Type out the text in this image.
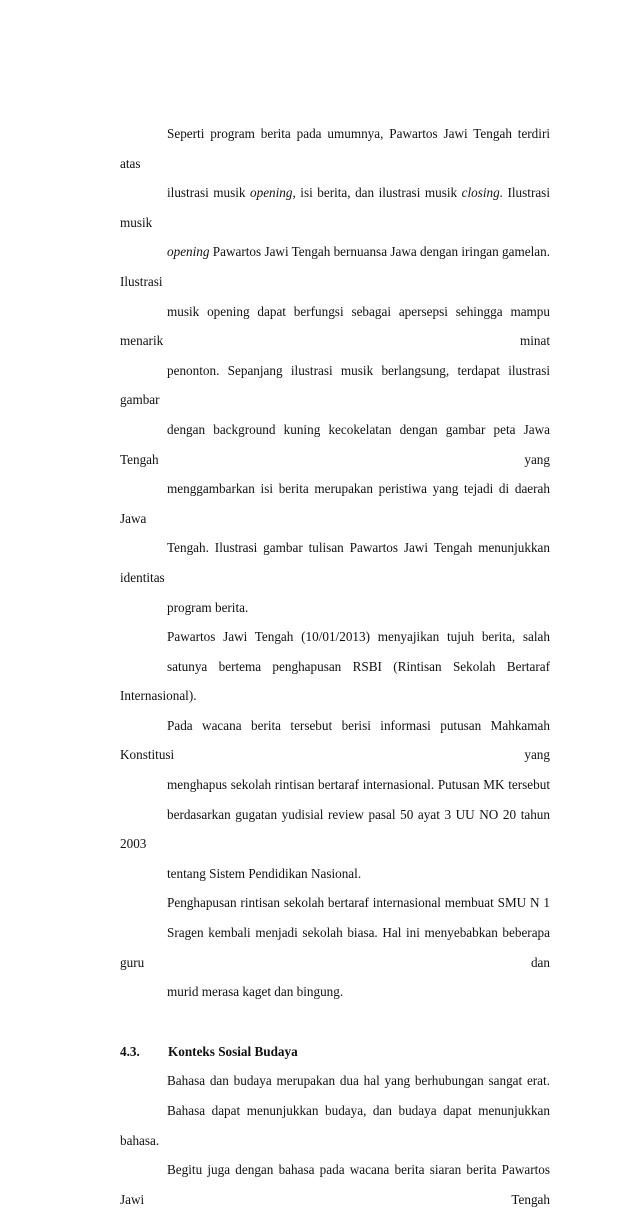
Seperti program berita pada umumnya, Pawartos Jawi Tengah terdiri atas
ilustrasi musik opening, isi berita, dan ilustrasi musik closing. Ilustrasi musik
opening Pawartos Jawi Tengah bernuansa Jawa dengan iringan gamelan. Ilustrasi
musik opening dapat berfungsi sebagai apersepsi sehingga mampu menarik minat
penonton. Sepanjang ilustrasi musik berlangsung, terdapat ilustrasi gambar
dengan background kuning kecokelatan dengan gambar peta Jawa Tengah yang
menggambarkan isi berita merupakan peristiwa yang tejadi di daerah Jawa
Tengah. Ilustrasi gambar tulisan Pawartos Jawi Tengah menunjukkan identitas
program berita.

Pawartos Jawi Tengah (10/01/2013) menyajikan tujuh berita, salah
satunya bertema penghapusan RSBI (Rintisan Sekolah Bertaraf Internasional).
Pada wacana berita tersebut berisi informasi putusan Mahkamah Konstitusi yang
menghapus sekolah rintisan bertaraf internasional. Putusan MK tersebut
berdasarkan gugatan yudisial review pasal 50 ayat 3 UU NO 20 tahun 2003
tentang Sistem Pendidikan Nasional.

Penghapusan rintisan sekolah bertaraf internasional membuat SMU N 1
Sragen kembali menjadi sekolah biasa. Hal ini menyebabkan beberapa guru dan
murid merasa kaget dan bingung.

4.3. Konteks Sosial Budaya

Bahasa dan budaya merupakan dua hal yang berhubungan sangat erat.
Bahasa dapat menunjukkan budaya, dan budaya dapat menunjukkan bahasa.
Begitu juga dengan bahasa pada wacana berita siaran berita Pawartos Jawi Tengah
